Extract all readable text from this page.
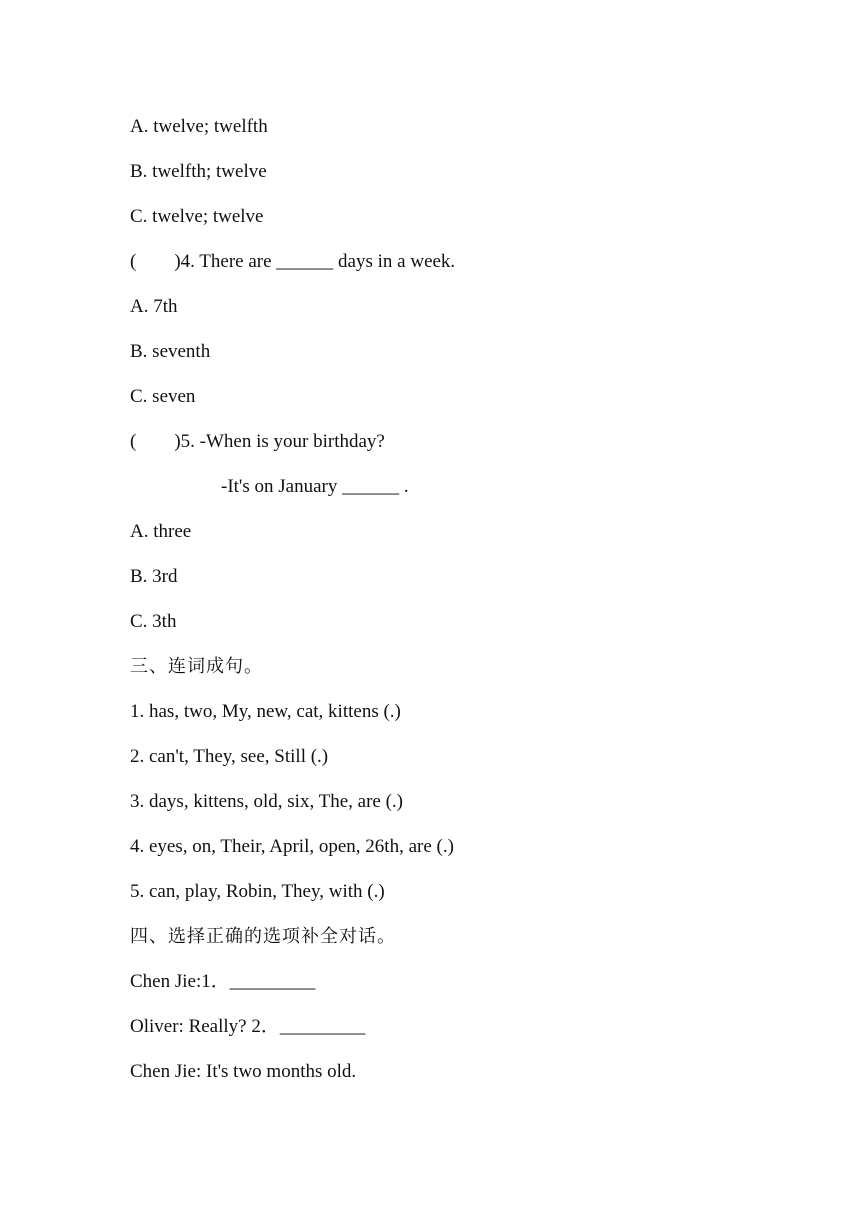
A. twelve; twelfth
B. twelfth; twelve
C. twelve; twelve
(        )4. There are ______ days in a week.
A. 7th
B. seventh
C. seven
(        )5. -When is your birthday?
-It's on January ______ .
A. three
B. 3rd
C. 3th
三、连词成句。
1. has, two, My, new, cat, kittens (.)
2. can't, They, see, Still (.)
3. days, kittens, old, six, The, are (.)
4. eyes, on, Their, April, open, 26th, are (.)
5. can, play, Robin, They, with (.)
四、选择正确的选项补全对话。
Chen Jie:1．_________
Oliver: Really? 2．_________
Chen Jie: It's two months old.
